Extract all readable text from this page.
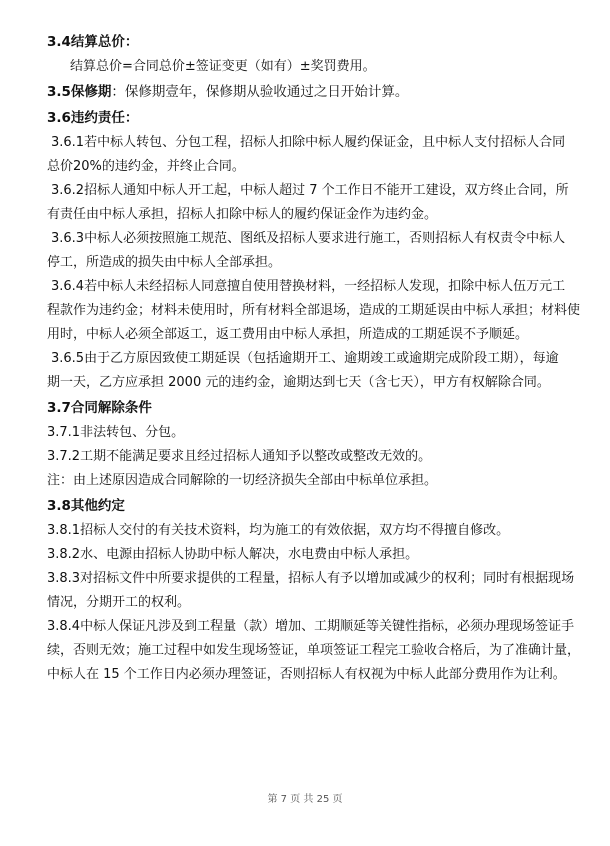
3.4结算总价：
结算总价=合同总价±签证变更（如有）±奖罚费用。
3.5保修期：保修期壹年，保修期从验收通过之日开始计算。
3.6违约责任：
3.6.1若中标人转包、分包工程，招标人扣除中标人履约保证金，且中标人支付招标人合同
总价20%的违约金，并终止合同。
3.6.2招标人通知中标人开工起，中标人超过 7 个工作日不能开工建设，双方终止合同，所
有责任由中标人承担，招标人扣除中标人的履约保证金作为违约金。
3.6.3中标人必须按照施工规范、图纸及招标人要求进行施工，否则招标人有权责令中标人
停工，所造成的损失由中标人全部承担。
3.6.4若中标人未经招标人同意擅自使用替换材料，一经招标人发现，扣除中标人伍万元工
程款作为违约金；材料未使用时，所有材料全部退场，造成的工期延误由中标人承担；材料使
用时，中标人必须全部返工，返工费用由中标人承担，所造成的工期延误不予顺延。
3.6.5由于乙方原因致使工期延误（包括逾期开工、逾期竣工或逾期完成阶段工期），每逾
期一天，乙方应承担 2000 元的违约金，逾期达到七天（含七天），甲方有权解除合同。
3.7合同解除条件
3.7.1非法转包、分包。
3.7.2工期不能满足要求且经过招标人通知予以整改或整改无效的。
注：由上述原因造成合同解除的一切经济损失全部由中标单位承担。
3.8其他约定
3.8.1招标人交付的有关技术资料，均为施工的有效依据，双方均不得擅自修改。
3.8.2水、电源由招标人协助中标人解决，水电费由中标人承担。
3.8.3对招标文件中所要求提供的工程量，招标人有予以增加或减少的权利；同时有根据现场
情况，分期开工的权利。
3.8.4中标人保证凡涉及到工程量（款）增加、工期顺延等关键性指标，必须办理现场签证手
续，否则无效；施工过程中如发生现场签证，单项签证工程完工验收合格后，为了准确计量，
中标人在 15 个工作日内必须办理签证，否则招标人有权视为中标人此部分费用作为让利。
第 7 页 共 25 页
